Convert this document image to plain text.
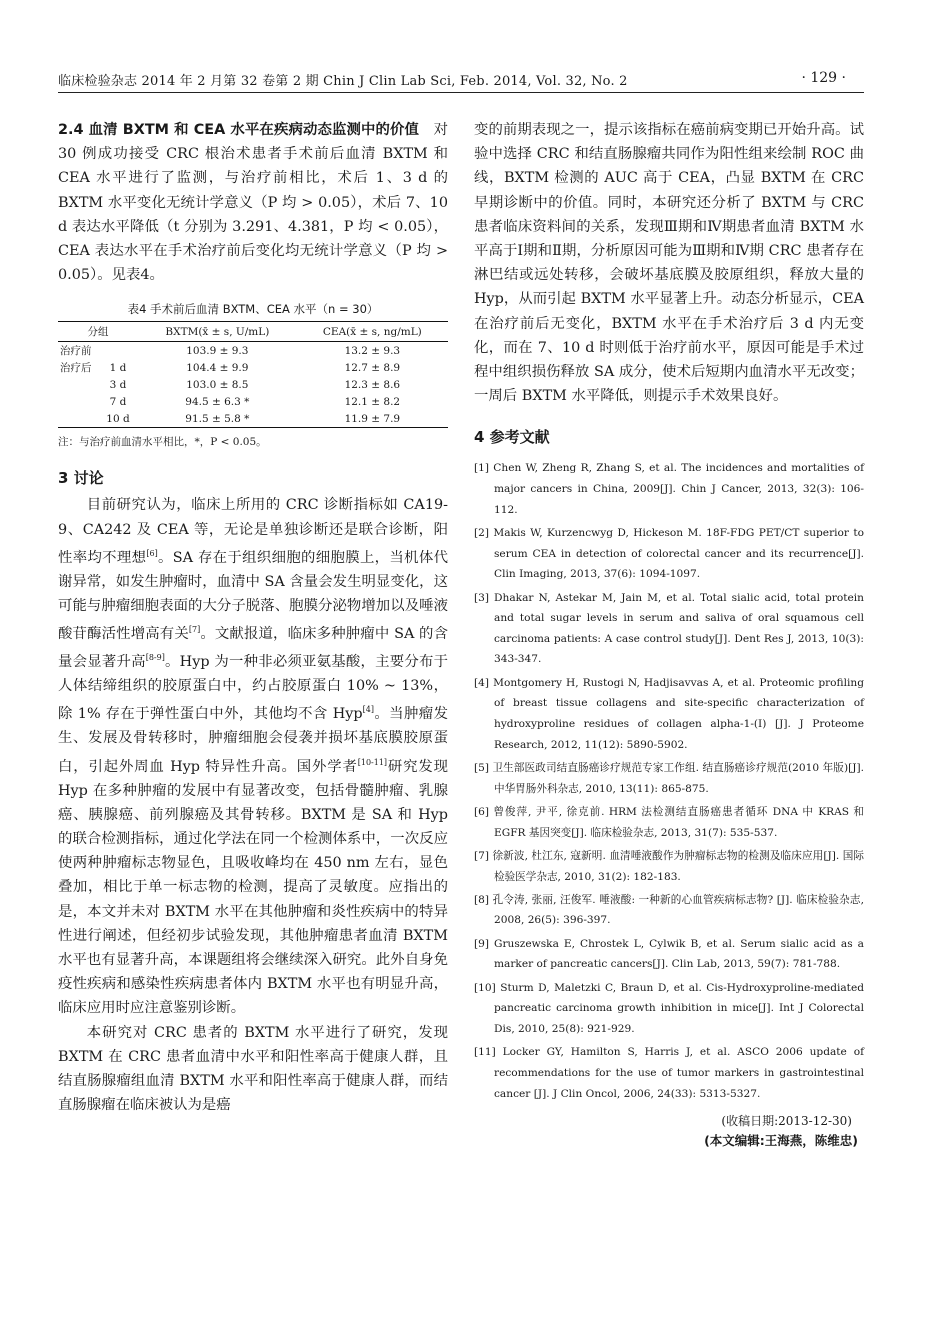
临床检验杂志 2014 年 2 月第 32 卷第 2 期 Chin J Clin Lab Sci, Feb. 2014, Vol. 32, No. 2	· 129 ·

2.4 血清 BXTM 和 CEA 水平在疾病动态监测中的价值　 对 30 例成功接受 CRC 根治术患者手术前后血清 BXTM 和 CEA 水平进行了监测，与治疗前相比，术后 1、3 d 的 BXTM 水平变化无统计学意义（P 均 > 0.05），术后 7、10 d 表达水平降低（t 分别为 3.291、4.381，P 均 < 0.05），CEA 表达水平在手术治疗前后变化均无统计学意义（P 均 > 0.05）。见表4。

表4 手术前后血清 BXTM、CEA 水平（n = 30）
分组		BXTM(x̄ ± s, U/mL)	CEA(x̄ ± s, ng/mL)
治疗前		103.9 ± 9.3	13.2 ± 9.3
治疗后	1 d	104.4 ± 9.9	12.7 ± 8.9
	3 d	103.0 ± 8.5	12.3 ± 8.6
	7 d	94.5 ± 6.3 *	12.1 ± 8.2
	10 d	91.5 ± 5.8 *	11.9 ± 7.9
注：与治疗前血清水平相比，*，P < 0.05。
3 讨论

目前研究认为，临床上所用的 CRC 诊断指标如 CA19-9、CA242 及 CEA 等，无论是单独诊断还是联合诊断，阳性率均不理想[6]。SA 存在于组织细胞的细胞膜上，当机体代谢异常，如发生肿瘤时，血清中 SA 含量会发生明显变化，这可能与肿瘤细胞表面的大分子脱落、胞膜分泌物增加以及唾液酸苷酶活性增高有关[7]。文献报道，临床多种肿瘤中 SA 的含量会显著升高[8-9]。Hyp 为一种非必须亚氨基酸，主要分布于人体结缔组织的胶原蛋白中，约占胶原蛋白 10% ~ 13%，除 1% 存在于弹性蛋白中外，其他均不含 Hyp[4]。当肿瘤发生、发展及骨转移时，肿瘤细胞会侵袭并损坏基底膜胶原蛋白，引起外周血 Hyp 特异性升高。国外学者[10-11]研究发现 Hyp 在多种肿瘤的发展中有显著改变，包括骨髓肿瘤、乳腺癌、胰腺癌、前列腺癌及其骨转移。BXTM 是 SA 和 Hyp 的联合检测指标，通过化学法在同一个检测体系中，一次反应使两种肿瘤标志物显色，且吸收峰均在 450 nm 左右，显色叠加，相比于单一标志物的检测，提高了灵敏度。应指出的是，本文并未对 BXTM 水平在其他肿瘤和炎性疾病中的特异性进行阐述，但经初步试验发现，其他肿瘤患者血清 BXTM 水平也有显著升高，本课题组将会继续深入研究。此外自身免疫性疾病和感染性疾病患者体内 BXTM 水平也有明显升高，临床应用时应注意鉴别诊断。

本研究对 CRC 患者的 BXTM 水平进行了研究，发现 BXTM 在 CRC 患者血清中水平和阳性率高于健康人群，且结直肠腺瘤组血清 BXTM 水平和阳性率高于健康人群，而结直肠腺瘤在临床被认为是癌

变的前期表现之一，提示该指标在癌前病变期已开始升高。试验中选择 CRC 和结直肠腺瘤共同作为阳性组来绘制 ROC 曲线，BXTM 检测的 AUC 高于 CEA，凸显 BXTM 在 CRC 早期诊断中的价值。同时，本研究还分析了 BXTM 与 CRC 患者临床资料间的关系，发现Ⅲ期和Ⅳ期患者血清 BXTM 水平高于Ⅰ期和Ⅱ期，分析原因可能为Ⅲ期和Ⅳ期 CRC 患者存在淋巴结或远处转移，会破坏基底膜及胶原组织，释放大量的 Hyp，从而引起 BXTM 水平显著上升。动态分析显示，CEA 在治疗前后无变化，BXTM 水平在手术治疗后 3 d 内无变化，而在 7、10 d 时则低于治疗前水平，原因可能是手术过程中组织损伤释放 SA 成分，使术后短期内血清水平无改变；一周后 BXTM 水平降低，则提示手术效果良好。

4 参考文献
[1] Chen W, Zheng R, Zhang S, et al. The incidences and mortalities of major cancers in China, 2009[J]. Chin J Cancer, 2013, 32(3): 106-112.
[2] Makis W, Kurzencwyg D, Hickeson M. 18F-FDG PET/CT superior to serum CEA in detection of colorectal cancer and its recurrence[J]. Clin Imaging, 2013, 37(6): 1094-1097.
[3] Dhakar N, Astekar M, Jain M, et al. Total sialic acid, total protein and total sugar levels in serum and saliva of oral squamous cell carcinoma patients: A case control study[J]. Dent Res J, 2013, 10(3): 343-347.
[4] Montgomery H, Rustogi N, Hadjisavvas A, et al. Proteomic profiling of breast tissue collagens and site-specific characterization of hydroxyproline residues of collagen alpha-1-(I) [J]. J Proteome Research, 2012, 11(12): 5890-5902.
[5] 卫生部医政司结直肠癌诊疗规范专家工作组. 结直肠癌诊疗规范(2010 年版)[J]. 中华胃肠外科杂志, 2010, 13(11): 865-875.
[6] 曾俊萍, 尹平, 徐克前. HRM 法检测结直肠癌患者循环 DNA 中 KRAS 和 EGFR 基因突变[J]. 临床检验杂志, 2013, 31(7): 535-537.
[7] 徐新波, 杜江东, 寇新明. 血清唾液酸作为肿瘤标志物的检测及临床应用[J]. 国际检验医学杂志, 2010, 31(2): 182-183.
[8] 孔令涛, 张丽, 汪俊军. 唾液酸: 一种新的心血管疾病标志物? [J]. 临床检验杂志, 2008, 26(5): 396-397.
[9] Gruszewska E, Chrostek L, Cylwik B, et al. Serum sialic acid as a marker of pancreatic cancers[J]. Clin Lab, 2013, 59(7): 781-788.
[10] Sturm D, Maletzki C, Braun D, et al. Cis-Hydroxyproline-mediated pancreatic carcinoma growth inhibition in mice[J]. Int J Colorectal Dis, 2010, 25(8): 921-929.
[11] Locker GY, Hamilton S, Harris J, et al. ASCO 2006 update of recommendations for the use of tumor markers in gastrointestinal cancer [J]. J Clin Oncol, 2006, 24(33): 5313-5327.
(收稿日期:2013-12-30)
(本文编辑:王海燕，陈维忠)
